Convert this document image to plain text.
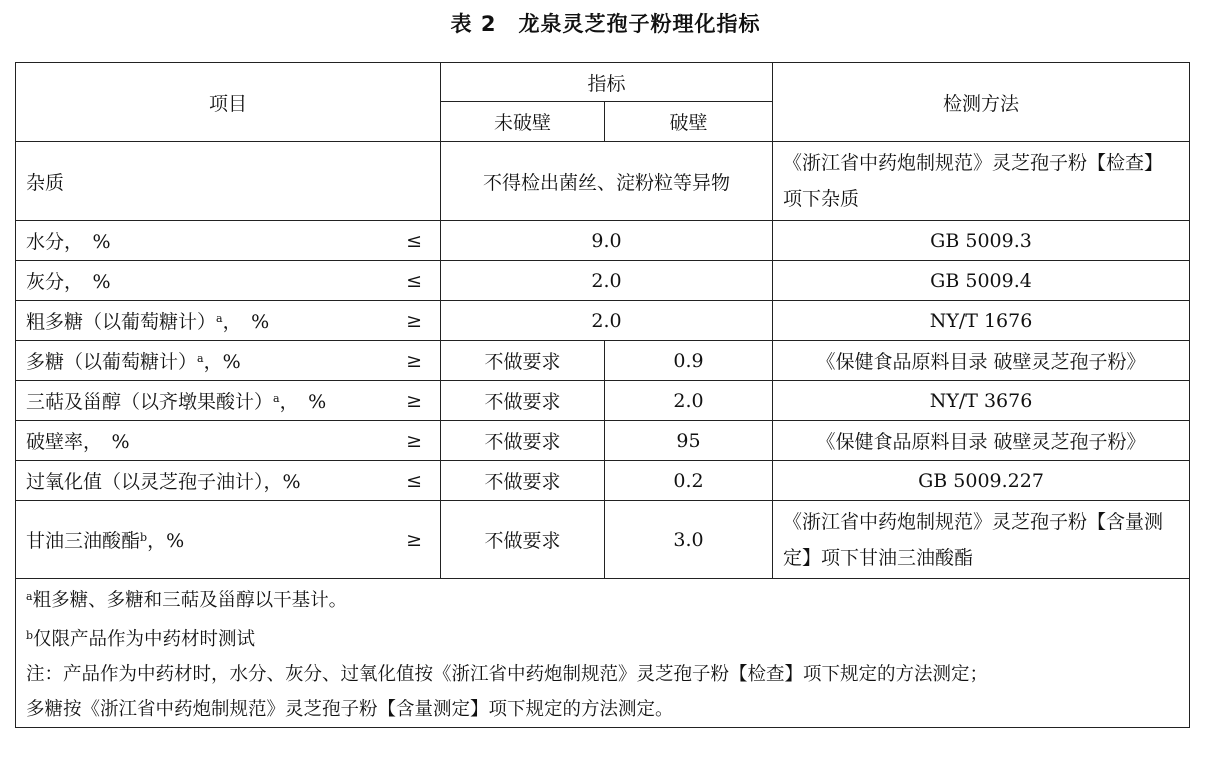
表 2　龙泉灵芝孢子粉理化指标
项目	指标		检测方法
	未破壁	破壁	
杂质	不得检出菌丝、淀粉粒等异物		《浙江省中药炮制规范》灵芝孢子粉【检查】项下杂质
水分，　% ≤	9.0		GB 5009.3
灰分，　% ≤	2.0		GB 5009.4
粗多糖（以葡萄糖计）$^a$，　% ≥	2.0		NY/T 1676
多糖（以葡萄糖计）$^a$，% ≥	不做要求	0.9	《保健食品原料目录 破壁灵芝孢子粉》
三萜及甾醇（以齐墩果酸计）$^a$，　% ≥	不做要求	2.0	NY/T 3676
破壁率，　% ≥	不做要求	95	《保健食品原料目录 破壁灵芝孢子粉》
过氧化值（以灵芝孢子油计），% ≤	不做要求	0.2	GB 5009.227
甘油三油酸酯$^b$，% ≥	不做要求	3.0	《浙江省中药炮制规范》灵芝孢子粉【含量测定】项下甘油三油酸酯

$^a$粗多糖、多糖和三萜及甾醇以干基计。
$^b$仅限产品作为中药材时测试
注：产品作为中药材时，水分、灰分、过氧化值按《浙江省中药炮制规范》灵芝孢子粉【检查】项下规定的方法测定；
多糖按《浙江省中药炮制规范》灵芝孢子粉【含量测定】项下规定的方法测定。			
